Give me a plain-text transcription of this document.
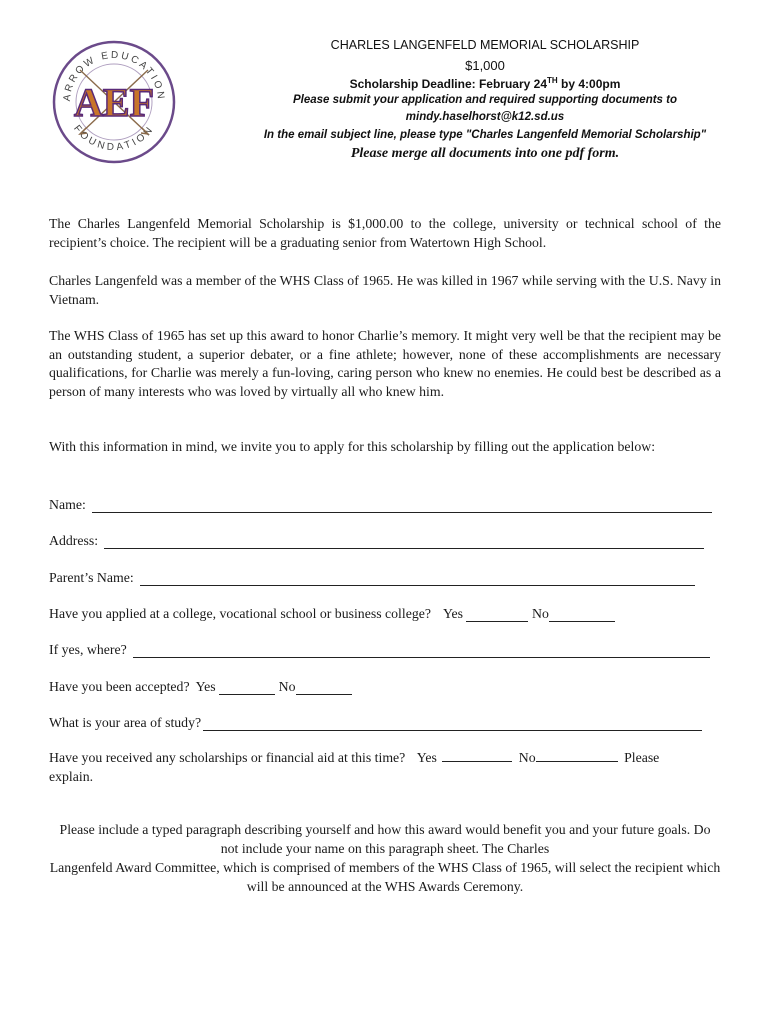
ARROW EDUCATION
FOUNDATION
AEF
CHARLES LANGENFELD MEMORIAL SCHOLARSHIP
$1,000
Scholarship Deadline: February 24TH by 4:00pm
Please submit your application and required supporting documents to
mindy.haselhorst@k12.sd.us
In the email subject line, please type "Charles Langenfeld Memorial Scholarship"
Please merge all documents into one pdf form.

The Charles Langenfeld Memorial Scholarship is $1,000.00 to the college, university or technical school of the recipient’s choice. The recipient will be a graduating senior from Watertown High School.

Charles Langenfeld was a member of the WHS Class of 1965. He was killed in 1967 while serving with the U.S. Navy in Vietnam.

The WHS Class of 1965 has set up this award to honor Charlie’s memory. It might very well be that the recipient may be an outstanding student, a superior debater, or a fine athlete; however, none of these accomplishments are necessary qualifications, for Charlie was merely a fun-loving, caring person who knew no enemies. He could best be described as a person of many interests who was loved by virtually all who knew him.

With this information in mind, we invite you to apply for this scholarship by filling out the application below:

Name:
Address:
Parent’s Name:
Have you applied at a college, vocational school or business college? Yes	No
If yes, where?
Have you been accepted? Yes	No
What is your area of study?
Have you received any scholarships or financial aid at this time? Yes	No	Please
explain.
Please include a typed paragraph describing yourself and how this award would benefit you and your future goals. Do not include your name on this paragraph sheet. The Charles
Langenfeld Award Committee, which is comprised of members of the WHS Class of 1965, will select the recipient which will be announced at the WHS Awards Ceremony.
